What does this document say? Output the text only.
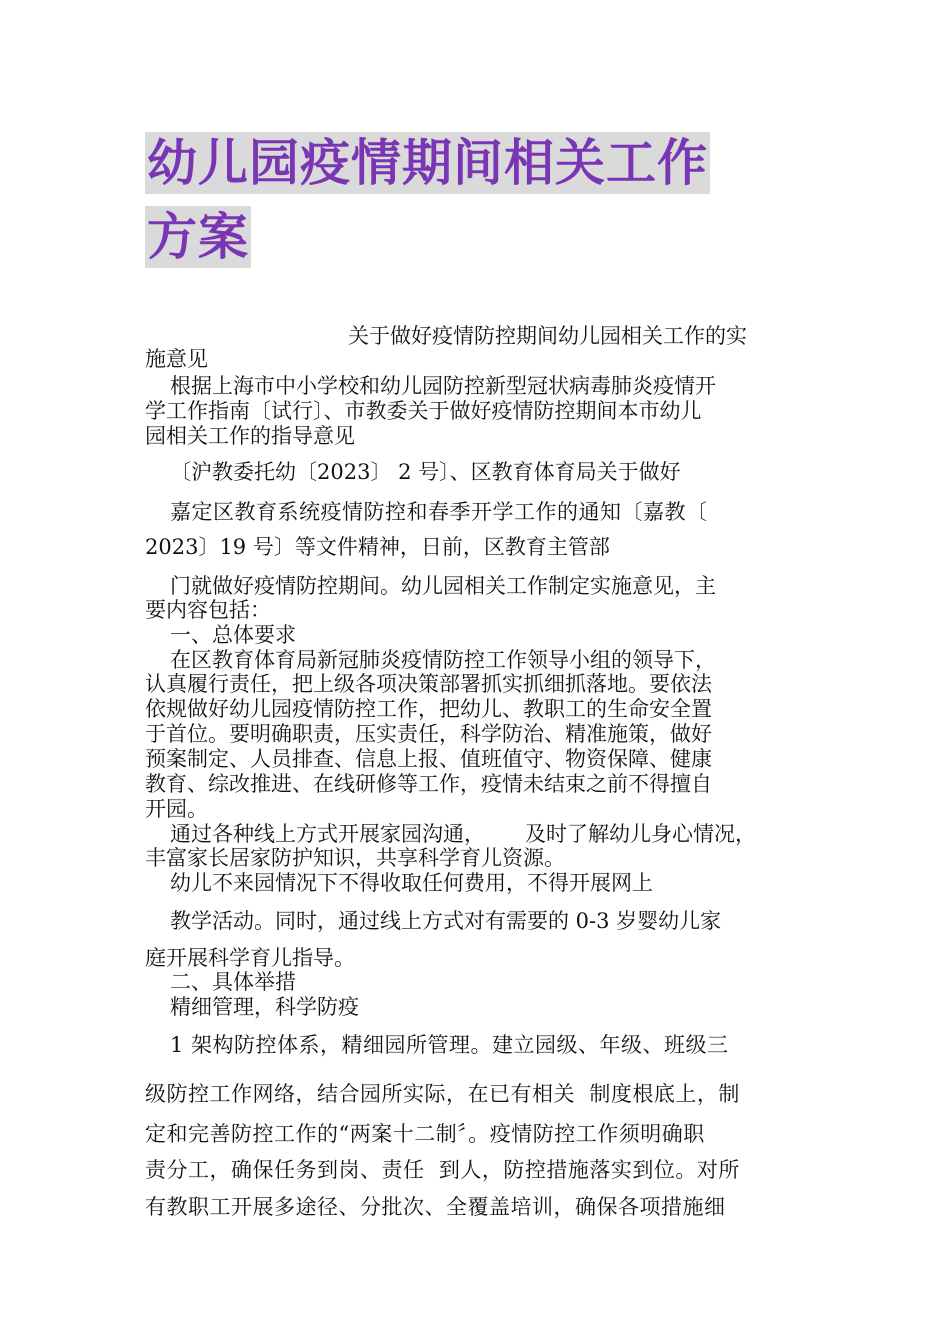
幼儿园疫情期间相关工作
方案
关于做好疫情防控期间幼儿园相关工作的实
施意见
根据上海市中小学校和幼儿园防控新型冠状病毒肺炎疫情开
学工作指南〔试行〕、市教委关于做好疫情防控期间本市幼儿
园相关工作的指导意见
〔沪教委托幼〔2023〕 2 号〕、区教育体育局关于做好
嘉定区教育系统疫情防控和春季开学工作的通知〔嘉教〔
2023〕19 号〕等文件精神，日前，区教育主管部
门就做好疫情防控期间。幼儿园相关工作制定实施意见，主
要内容包括：
一、总体要求
在区教育体育局新冠肺炎疫情防控工作领导小组的领导下，
认真履行责任，把上级各项决策部署抓实抓细抓落地。要依法
依规做好幼儿园疫情防控工作，把幼儿、教职工的生命安全置
于首位。要明确职责，压实责任，科学防治、精准施策，做好
预案制定、人员排查、信息上报、值班值守、物资保障、健康
教育、综改推进、在线研修等工作，疫情未结束之前不得擅自
开园。
通过各种线上方式开展家园沟通，      及时了解幼儿身心情况，
丰富家长居家防护知识，共享科学育儿资源。
幼儿不来园情况下不得收取任何费用，不得开展网上
教学活动。同时，通过线上方式对有需要的 0-3 岁婴幼儿家
庭开展科学育儿指导。
二、具体举措
精细管理，科学防疫
1 架构防控体系，精细园所管理。建立园级、年级、班级三
级防控工作网络，结合园所实际，在已有相关  制度根底上，制
定和完善防控工作的“两案十二制〞。疫情防控工作须明确职
责分工，确保任务到岗、责任  到人，防控措施落实到位。对所
有教职工开展多途径、分批次、全覆盖培训，确保各项措施细
